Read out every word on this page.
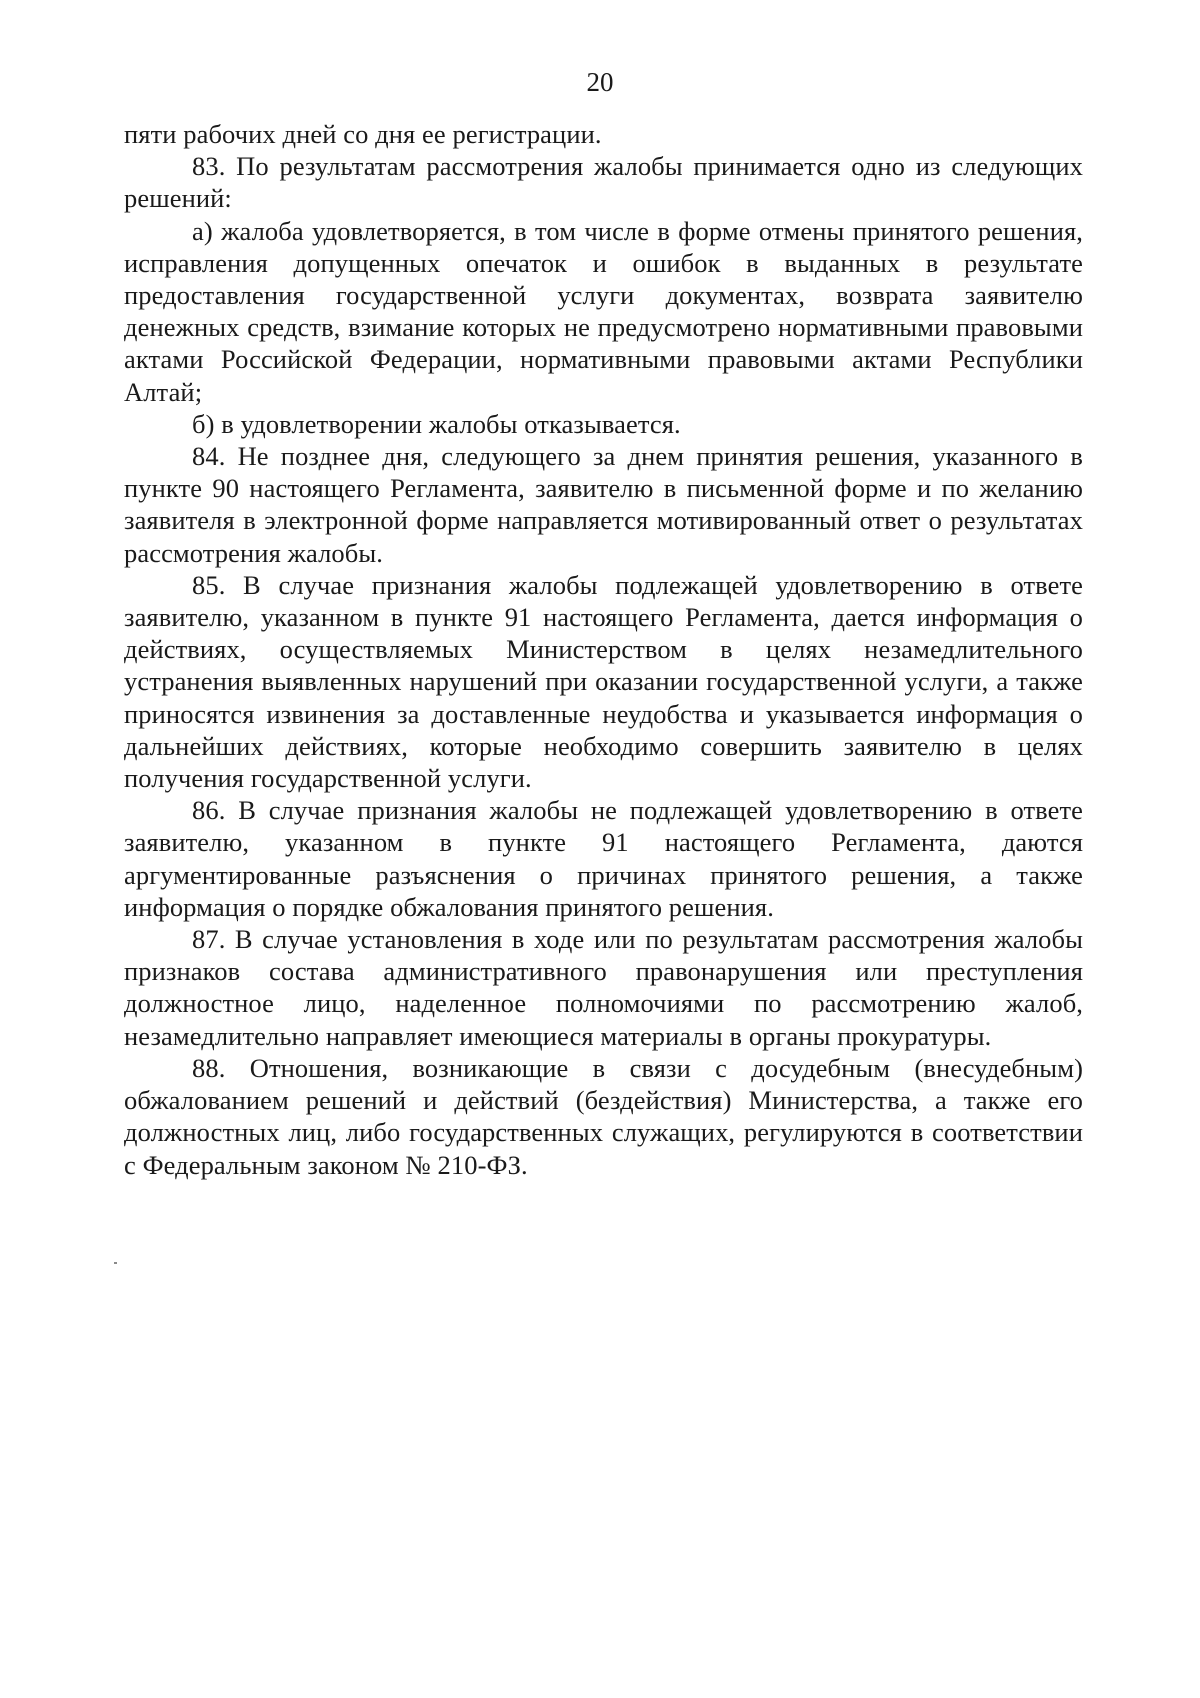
20

пяти рабочих дней со дня ее регистрации.

83. По результатам рассмотрения жалобы принимается одно из следующих решений:

а) жалоба удовлетворяется, в том числе в форме отмены принятого решения, исправления допущенных опечаток и ошибок в выданных в результате предоставления государственной услуги документах, возврата заявителю денежных средств, взимание которых не предусмотрено нормативными правовыми актами Российской Федерации, нормативными правовыми актами Республики Алтай;

б) в удовлетворении жалобы отказывается.

84. Не позднее дня, следующего за днем принятия решения, указанного в пункте 90 настоящего Регламента, заявителю в письменной форме и по желанию заявителя в электронной форме направляется мотивированный ответ о результатах рассмотрения жалобы.

85. В случае признания жалобы подлежащей удовлетворению в ответе заявителю, указанном в пункте 91 настоящего Регламента, дается информация о действиях, осуществляемых Министерством в целях незамедлительного устранения выявленных нарушений при оказании государственной услуги, а также приносятся извинения за доставленные неудобства и указывается информация о дальнейших действиях, которые необходимо совершить заявителю в целях получения государственной услуги.

86. В случае признания жалобы не подлежащей удовлетворению в ответе заявителю, указанном в пункте 91 настоящего Регламента, даются аргументированные разъяснения о причинах принятого решения, а также информация о порядке обжалования принятого решения.

87. В случае установления в ходе или по результатам рассмотрения жалобы признаков состава административного правонарушения или преступления должностное лицо, наделенное полномочиями по рассмотрению жалоб, незамедлительно направляет имеющиеся материалы в органы прокуратуры.

88. Отношения, возникающие в связи с досудебным (внесудебным) обжалованием решений и действий (бездействия) Министерства, а также его должностных лиц, либо государственных служащих, регулируются в соответствии с Федеральным законом № 210-ФЗ.
